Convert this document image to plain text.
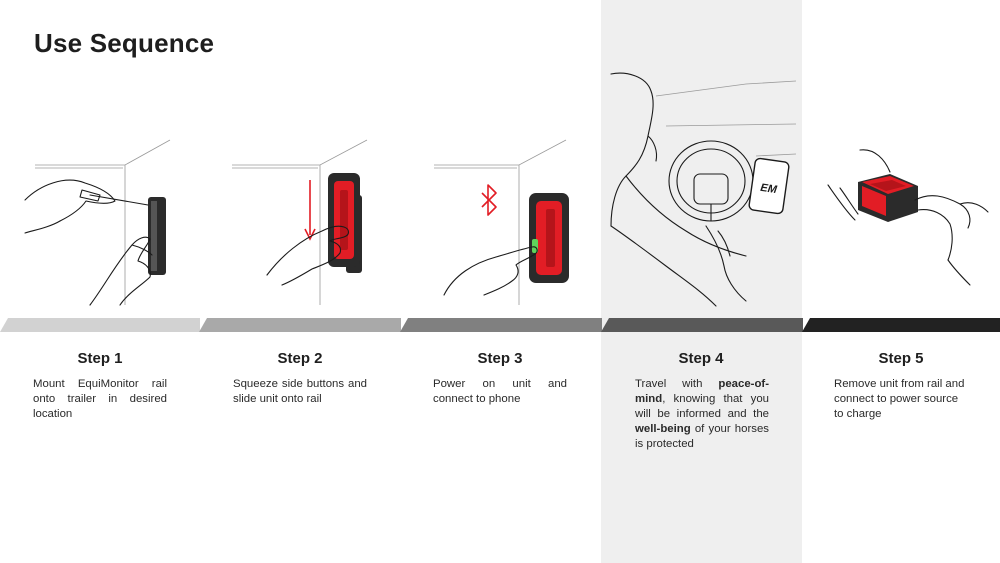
Use Sequence
EM
Step 1	Step 2	Step 3	Step 4	Step 5
Mount EquiMonitor rail onto trailer in desired location
Squeeze side buttons and slide unit onto rail
Power on unit and connect to phone
Travel with peace-of-mind, knowing that you will be informed and the well-being of your horses is protected
Remove unit from rail and connect to power source to charge
